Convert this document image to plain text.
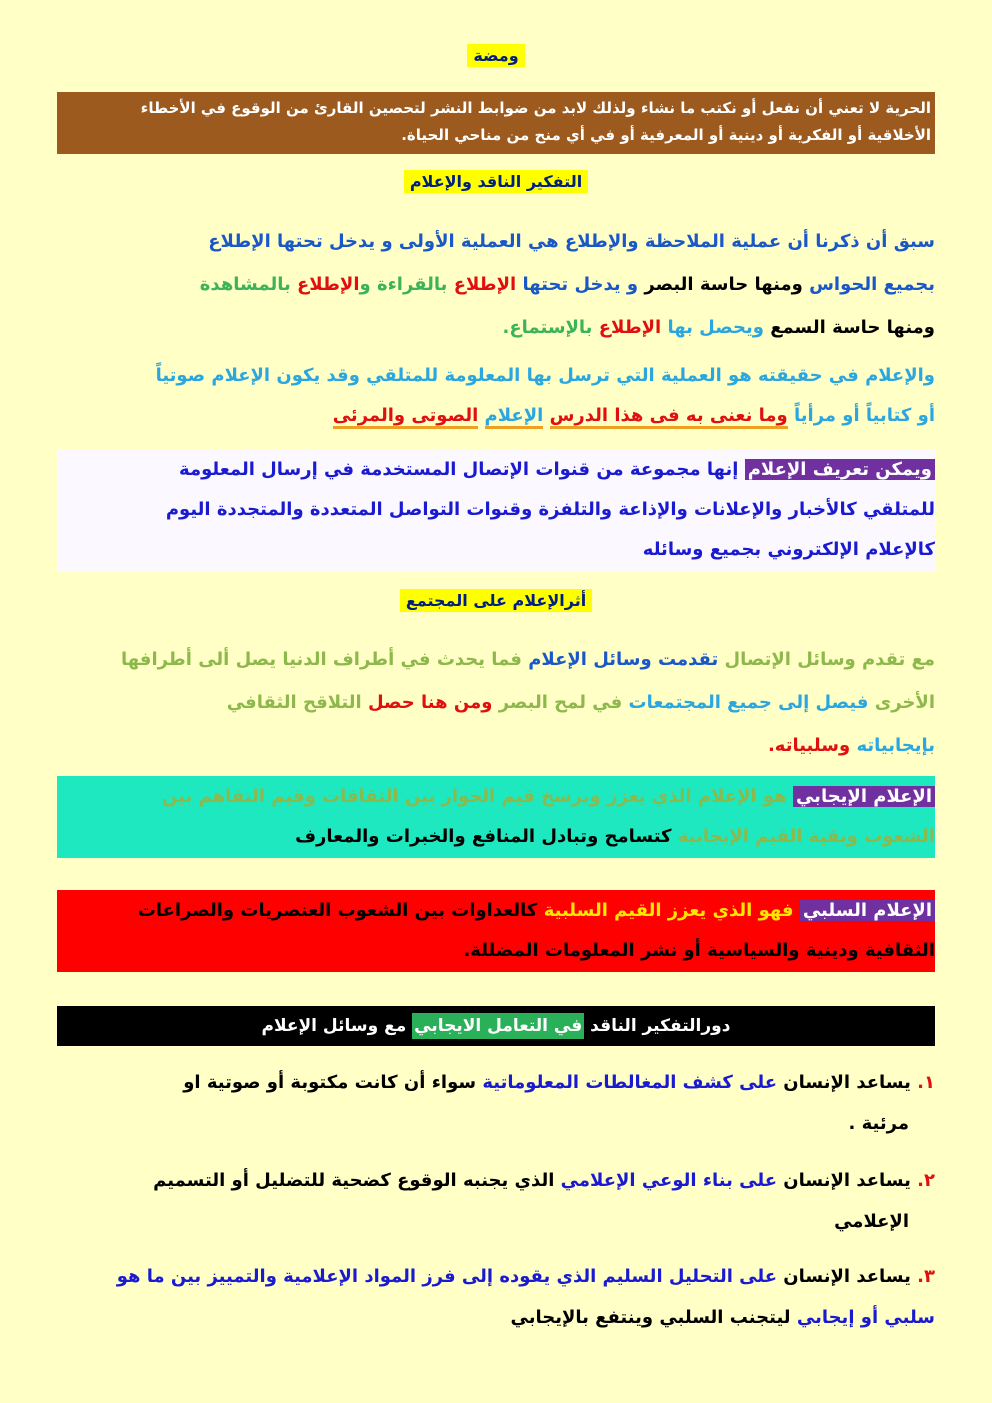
ومضة
الحرية لا تعني أن نفعل أو نكتب ما نشاء ولذلك لابد من ضوابط النشر لتحصين القارئ من الوقوع في الأخطاء
الأخلاقية أو الفكرية أو دينية أو المعرفية أو في أي منح من مناحي الحياة.
التفكير الناقد والإعلام
سبق أن ذكرنا أن عملية الملاحظة والإطلاع هي العملية الأولى و يدخل تحتها الإطلاع
بجميع الحواس ومنها حاسة البصر و يدخل تحتها الإطلاع بالقراءة والإطلاع بالمشاهدة
ومنها حاسة السمع ويحصل بها الإطلاع بالإستماع.
والإعلام في حقيقته هو العملية التي ترسل بها المعلومة للمتلقي وقد يكون الإعلام صوتياً
أو كتابياً أو مرأياً وما نعنى به فى هذا الدرس الإعلام الصوتى والمرئى
ويمكن تعريف الإعلام إنها مجموعة من قنوات الإتصال المستخدمة في إرسال المعلومة
للمتلقي كالأخبار والإعلانات والإذاعة والتلفزة وقنوات التواصل المتعددة والمتجددة اليوم
كالإعلام الإلكتروني بجميع وسائله
أثرالإعلام على المجتمع
مع تقدم وسائل الإتصال تقدمت وسائل الإعلام فما يحدث في أطراف الدنيا يصل ألى أطرافها
الأخرى فيصل إلى جميع المجتمعات في لمح البصر ومن هنا حصل التلاقح الثقافي
بإيجابياته وسلبياته.
الإعلام الإيجابي هو الإعلام الذي يعزز ويرسخ قيم الحوار بين الثقافات وقيم التفاهم بين
الشعوب وبقية القيم الإيجابية كتسامح وتبادل المنافع والخبرات والمعارف
الإعلام السلبي فهو الذي يعزز القيم السلبية كالعداوات بين الشعوب العنصريات والصراعات
الثقافية ودينية والسياسية أو نشر المعلومات المضللة.
دورالتفكير الناقد في التعامل الايجابي مع وسائل الإعلام
١. يساعد الإنسان على كشف المغالطات المعلوماتية سواء أن كانت مكتوبة أو صوتية او
مرئية .
٢. يساعد الإنسان على بناء الوعي الإعلامي الذي يجنبه الوقوع كضحية للتضليل أو التسميم
الإعلامي
٣. يساعد الإنسان على التحليل السليم الذي يقوده إلى فرز المواد الإعلامية والتمييز بين ما هو
سلبي أو إيجابي ليتجنب السلبي وينتفع بالإيجابي
